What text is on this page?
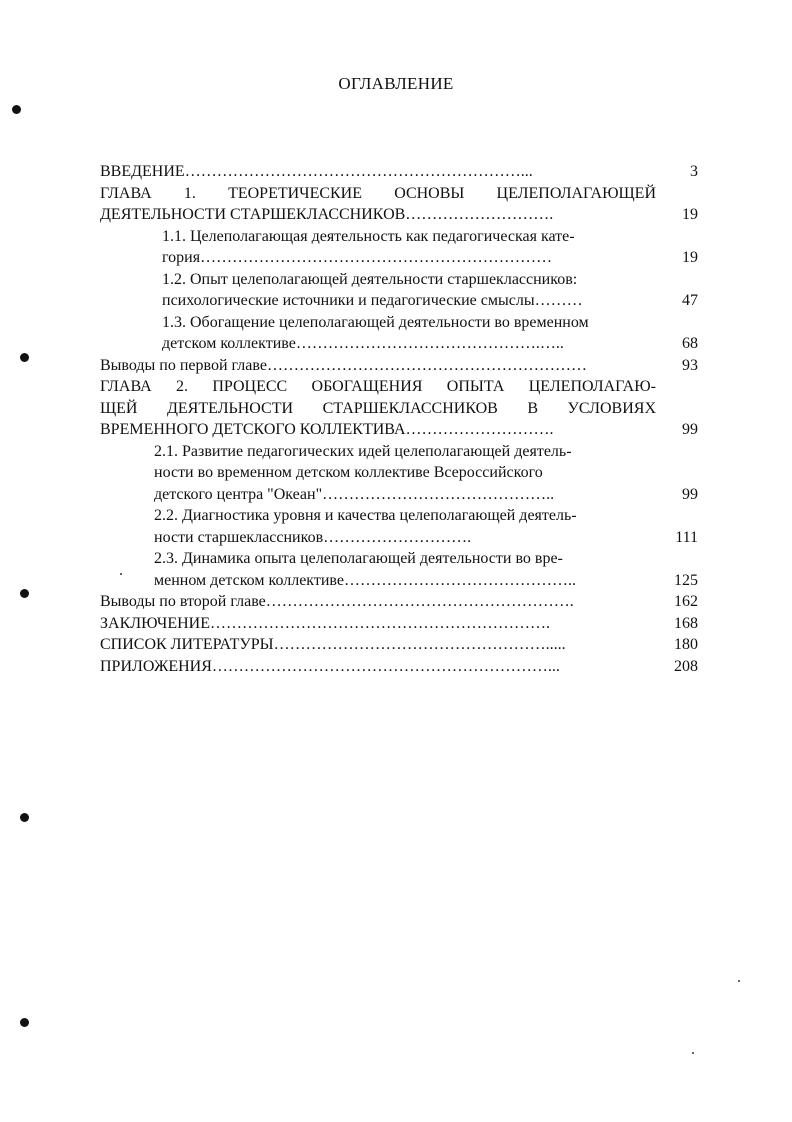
ОГЛАВЛЕНИЕ
ВВЕДЕНИЕ ………………………………………………………...	3
ГЛАВА 1. ТЕОРЕТИЧЕСКИЕ ОСНОВЫ ЦЕЛЕПОЛАГАЮЩЕЙ
ДЕЯТЕЛЬНОСТИ СТАРШЕКЛАССНИКОВ ……………………….	19
1.1. Целеполагающая деятельность как педагогическая кате-
гория …………………………………………………………	19
1.2. Опыт целеполагающей деятельности старшеклассников:
психологические источники и педагогические смыслы ………	47
1.3. Обогащение целеполагающей деятельности во временном
детском коллективе ……………………………………….…..	68
Выводы по первой главе ……………………………………………………	93
ГЛАВА 2. ПРОЦЕСС ОБОГАЩЕНИЯ ОПЫТА ЦЕЛЕПОЛАГАЮ-
ЩЕЙ ДЕЯТЕЛЬНОСТИ СТАРШЕКЛАССНИКОВ В УСЛОВИЯХ
ВРЕМЕННОГО ДЕТСКОГО КОЛЛЕКТИВА ……………………….	99
2.1. Развитие педагогических идей целеполагающей деятель-
ности во временном детском коллективе Всероссийского
детского центра "Океан" ……………………………………..	99
2.2. Диагностика уровня и качества целеполагающей деятель-
ности старшеклассников ……………………….	111
2.3. Динамика опыта целеполагающей деятельности во вре-
менном детском коллективе ……………………………………..	125
Выводы по второй главе ………………………………………………….	162
ЗАКЛЮЧЕНИЕ ……………………………………………………….	168
СПИСОК ЛИТЕРАТУРЫ …………………………………………….....	180
ПРИЛОЖЕНИЯ ………………………………………………………...	208
